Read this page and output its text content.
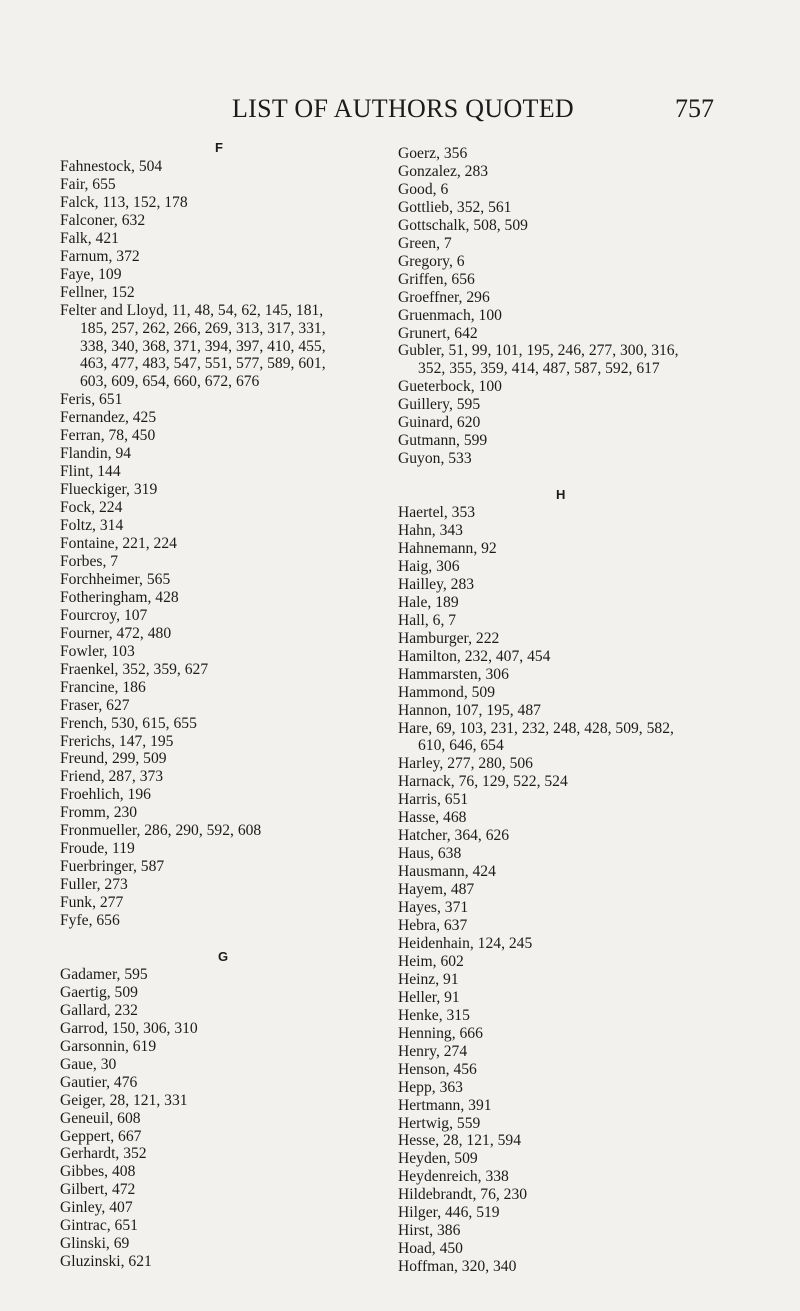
LIST OF AUTHORS QUOTED	757
F
Fahnestock, 504
Fair, 655
Falck, 113, 152, 178
Falconer, 632
Falk, 421
Farnum, 372
Faye, 109
Fellner, 152
Felter and Lloyd, 11, 48, 54, 62, 145, 181,
185, 257, 262, 266, 269, 313, 317, 331,
338, 340, 368, 371, 394, 397, 410, 455,
463, 477, 483, 547, 551, 577, 589, 601,
603, 609, 654, 660, 672, 676
Feris, 651
Fernandez, 425
Ferran, 78, 450
Flandin, 94
Flint, 144
Flueckiger, 319
Fock, 224
Foltz, 314
Fontaine, 221, 224
Forbes, 7
Forchheimer, 565
Fotheringham, 428
Fourcroy, 107
Fourner, 472, 480
Fowler, 103
Fraenkel, 352, 359, 627
Francine, 186
Fraser, 627
French, 530, 615, 655
Frerichs, 147, 195
Freund, 299, 509
Friend, 287, 373
Froehlich, 196
Fromm, 230
Fronmueller, 286, 290, 592, 608
Froude, 119
Fuerbringer, 587
Fuller, 273
Funk, 277
Fyfe, 656
G
Gadamer, 595
Gaertig, 509
Gallard, 232
Garrod, 150, 306, 310
Garsonnin, 619
Gaue, 30
Gautier, 476
Geiger, 28, 121, 331
Geneuil, 608
Geppert, 667
Gerhardt, 352
Gibbes, 408
Gilbert, 472
Ginley, 407
Gintrac, 651
Glinski, 69
Gluzinski, 621
Goerz, 356
Gonzalez, 283
Good, 6
Gottlieb, 352, 561
Gottschalk, 508, 509
Green, 7
Gregory, 6
Griffen, 656
Groeffner, 296
Gruenmach, 100
Grunert, 642
Gubler, 51, 99, 101, 195, 246, 277, 300, 316,
352, 355, 359, 414, 487, 587, 592, 617
Gueterbock, 100
Guillery, 595
Guinard, 620
Gutmann, 599
Guyon, 533
H
Haertel, 353
Hahn, 343
Hahnemann, 92
Haig, 306
Hailley, 283
Hale, 189
Hall, 6, 7
Hamburger, 222
Hamilton, 232, 407, 454
Hammarsten, 306
Hammond, 509
Hannon, 107, 195, 487
Hare, 69, 103, 231, 232, 248, 428, 509, 582,
610, 646, 654
Harley, 277, 280, 506
Harnack, 76, 129, 522, 524
Harris, 651
Hasse, 468
Hatcher, 364, 626
Haus, 638
Hausmann, 424
Hayem, 487
Hayes, 371
Hebra, 637
Heidenhain, 124, 245
Heim, 602
Heinz, 91
Heller, 91
Henke, 315
Henning, 666
Henry, 274
Henson, 456
Hepp, 363
Hertmann, 391
Hertwig, 559
Hesse, 28, 121, 594
Heyden, 509
Heydenreich, 338
Hildebrandt, 76, 230
Hilger, 446, 519
Hirst, 386
Hoad, 450
Hoffman, 320, 340
